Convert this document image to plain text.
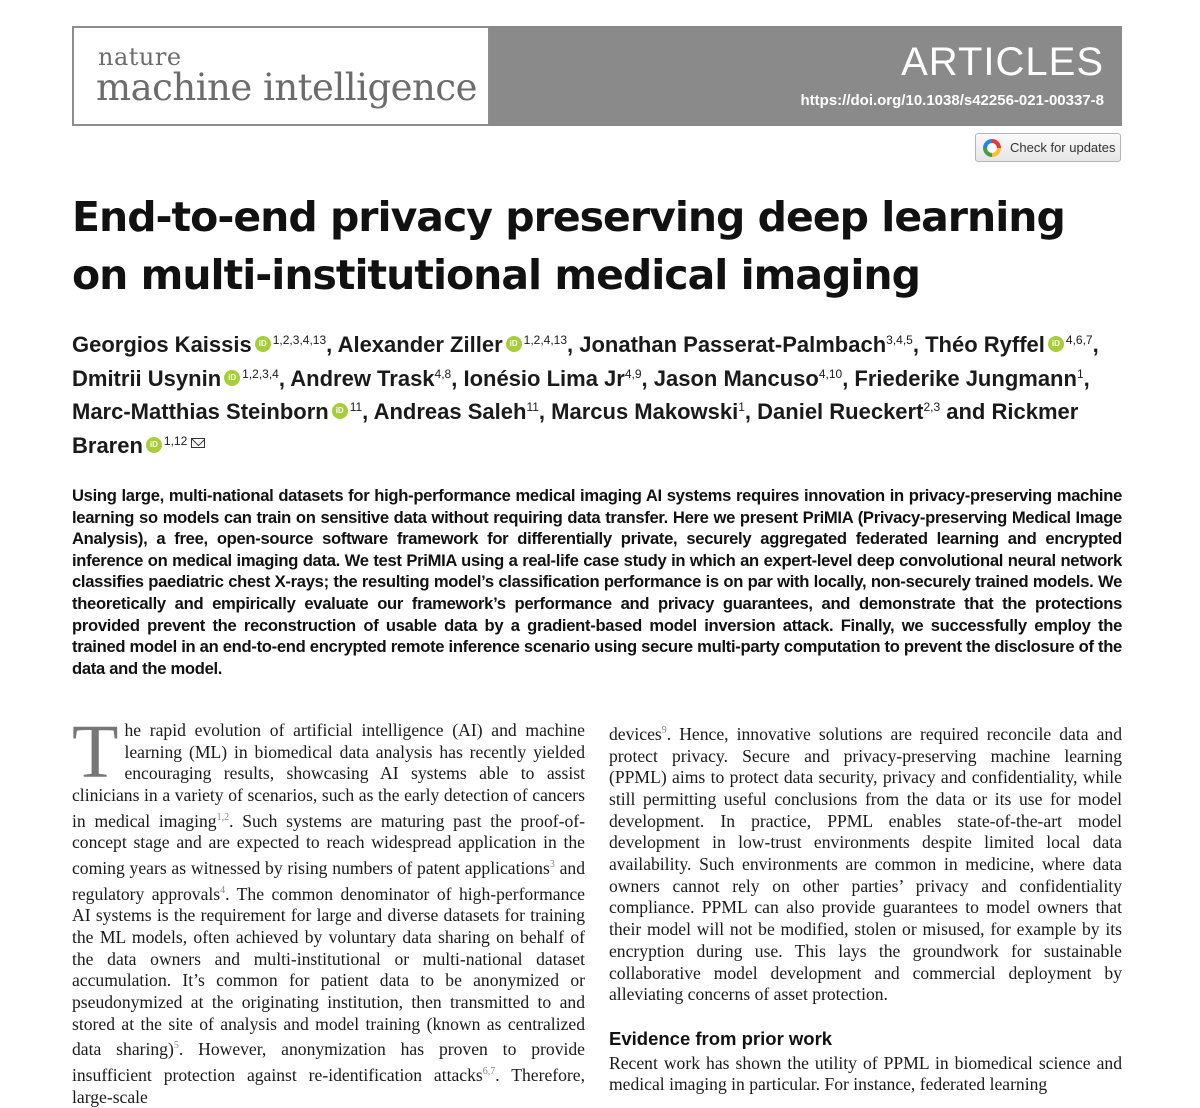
nature
machine intelligence
ARTICLES
https://doi.org/10.1038/s42256-021-00337-8
Check for updates
End-to-end privacy preserving deep learning on multi-institutional medical imaging
Georgios Kaissis iD $^{1,2,3,4,13}$, Alexander Ziller iD $^{1,2,4,13}$, Jonathan Passerat-Palmbach$^{3,4,5}$, Théo Ryffel iD $^{4,6,7}$, Dmitrii Usynin iD $^{1,2,3,4}$, Andrew Trask$^{4,8}$, Ionésio Lima Jr$^{4,9}$, Jason Mancuso$^{4,10}$, Friederike Jungmann$^1$, Marc-Matthias Steinborn iD $^{11}$, Andreas Saleh$^{11}$, Marcus Makowski$^1$, Daniel Rueckert$^{2,3}$ and Rickmer Braren iD $^{1,12}$

Using large, multi-national datasets for high-performance medical imaging AI systems requires innovation in privacy-preserving machine learning so models can train on sensitive data without requiring data transfer. Here we present PriMIA (Privacy-preserving Medical Image Analysis), a free, open-source software framework for differentially private, securely aggregated federated learning and encrypted inference on medical imaging data. We test PriMIA using a real-life case study in which an expert-level deep convolutional neural network classifies paediatric chest X-rays; the resulting model’s classification performance is on par with locally, non-securely trained models. We theoretically and empirically evaluate our framework’s performance and privacy guarantees, and demonstrate that the protections provided prevent the reconstruction of usable data by a gradient-based model inversion attack. Finally, we successfully employ the trained model in an end-to-end encrypted remote inference scenario using secure multi-party computation to prevent the disclosure of the data and the model.

The rapid evolution of artificial intelligence (AI) and machine learning (ML) in biomedical data analysis has recently yielded encouraging results, showcasing AI systems able to assist clinicians in a variety of scenarios, such as the early detection of cancers in medical imaging$^{1,2}$. Such systems are maturing past the proof-of-concept stage and are expected to reach widespread application in the coming years as witnessed by rising numbers of patent applications$^3$ and regulatory approvals$^4$. The common denominator of high-performance AI systems is the requirement for large and diverse datasets for training the ML models, often achieved by voluntary data sharing on behalf of the data owners and multi-institutional or multi-national dataset accumulation. It’s common for patient data to be anonymized or pseudonymized at the originating institution, then transmitted to and stored at the site of analysis and model training (known as centralized data sharing)$^5$. However, anonymization has proven to provide insufficient protection against re-identification attacks$^{6,7}$. Therefore, large-scale

devices$^9$. Hence, innovative solutions are required reconcile data and protect privacy. Secure and privacy-preserving machine learning (PPML) aims to protect data security, privacy and confidentiality, while still permitting useful conclusions from the data or its use for model development. In practice, PPML enables state-of-the-art model development in low-trust environments despite limited local data availability. Such environments are common in medicine, where data owners cannot rely on other parties’ privacy and confidentiality compliance. PPML can also provide guarantees to model owners that their model will not be modified, stolen or misused, for example by its encryption during use. This lays the groundwork for sustainable collaborative model development and commercial deployment by alleviating concerns of asset protection.

Evidence from prior work

Recent work has shown the utility of PPML in biomedical science and medical imaging in particular. For instance, federated learning
